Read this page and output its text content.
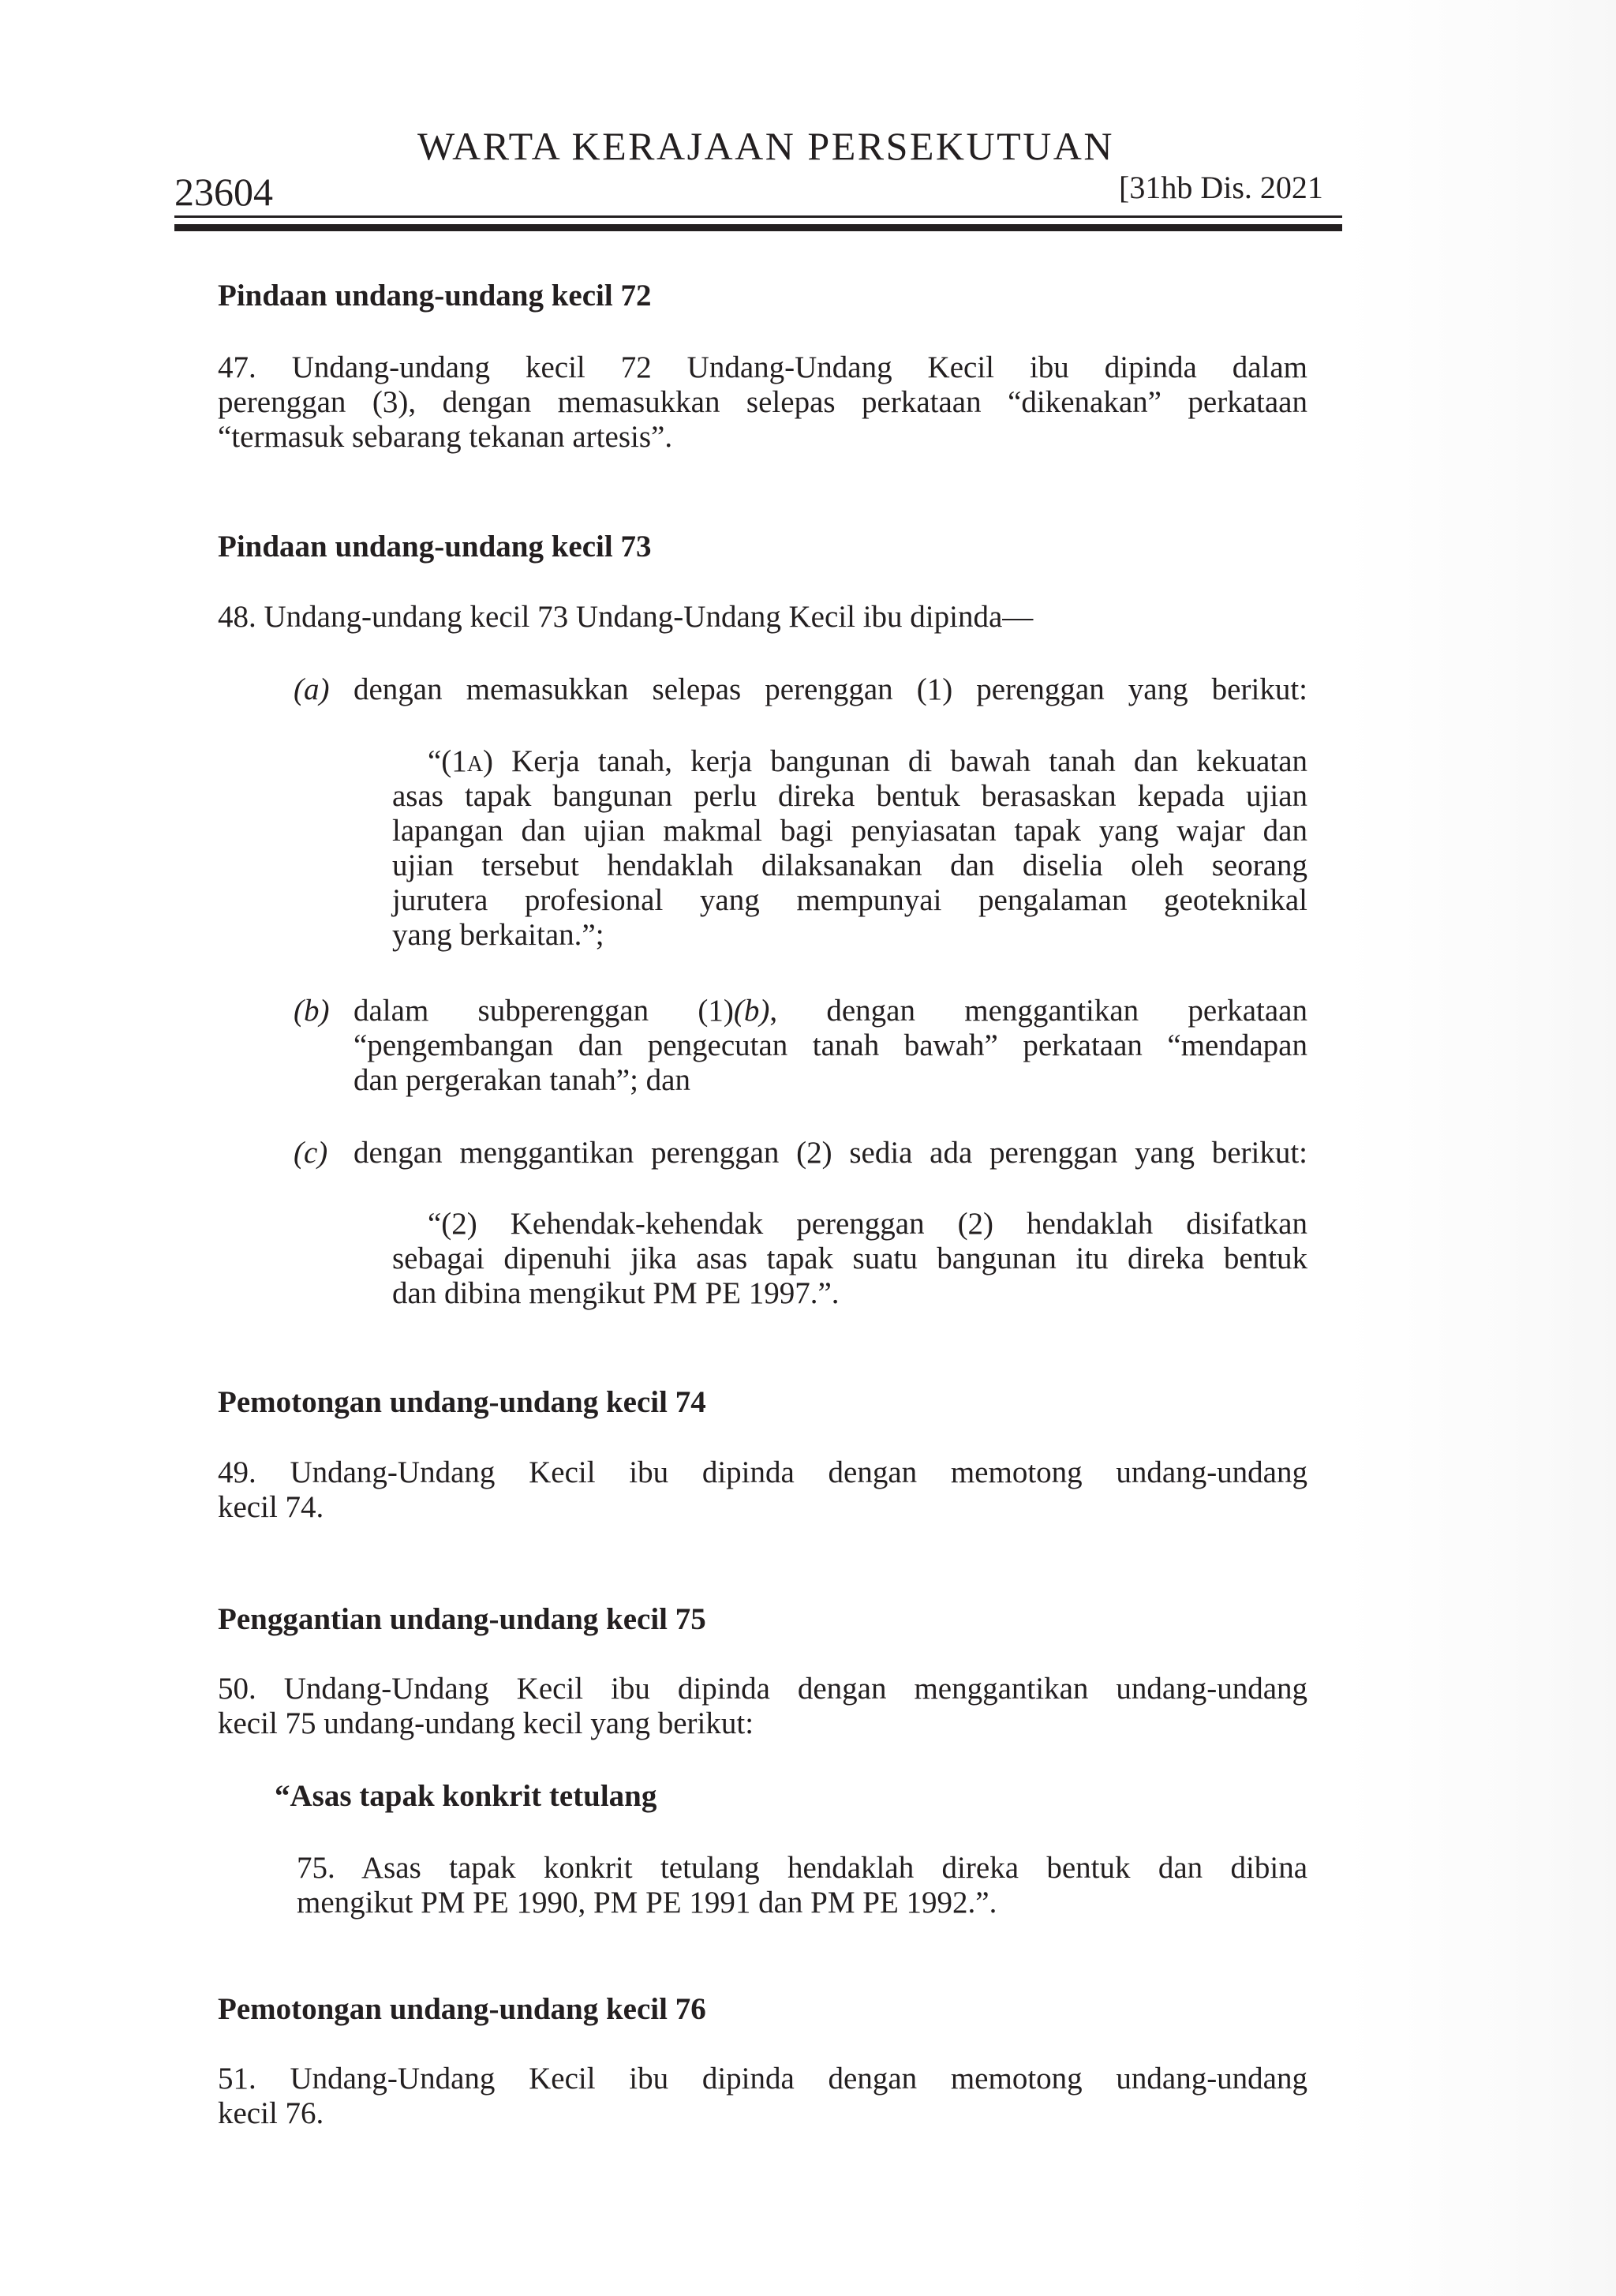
WARTA KERAJAAN PERSEKUTUAN
23604	[31hb Dis. 2021
Pindaan undang-undang kecil 72
47. Undang-undang kecil 72 Undang-Undang Kecil ibu dipinda dalam
perenggan (3), dengan memasukkan selepas perkataan “dikenakan” perkataan
“termasuk sebarang tekanan artesis”.
Pindaan undang-undang kecil 73
48. Undang-undang kecil 73 Undang-Undang Kecil ibu dipinda—
(a) dengan memasukkan selepas perenggan (1) perenggan yang berikut:
“(1A) Kerja tanah, kerja bangunan di bawah tanah dan kekuatan
asas tapak bangunan perlu direka bentuk berasaskan kepada ujian
lapangan dan ujian makmal bagi penyiasatan tapak yang wajar dan
ujian tersebut hendaklah dilaksanakan dan diselia oleh seorang
jurutera profesional yang mempunyai pengalaman geoteknikal
yang berkaitan.”;
(b) dalam subperenggan (1)(b), dengan menggantikan perkataan
“pengembangan dan pengecutan tanah bawah” perkataan “mendapan
dan pergerakan tanah”; dan
(c) dengan menggantikan perenggan (2) sedia ada perenggan yang berikut:
“(2) Kehendak-kehendak perenggan (2) hendaklah disifatkan
sebagai dipenuhi jika asas tapak suatu bangunan itu direka bentuk
dan dibina mengikut PM PE 1997.”.
Pemotongan undang-undang kecil 74
49. Undang-Undang Kecil ibu dipinda dengan memotong undang-undang
kecil 74.
Penggantian undang-undang kecil 75
50. Undang-Undang Kecil ibu dipinda dengan menggantikan undang-undang
kecil 75 undang-undang kecil yang berikut:
“Asas tapak konkrit tetulang
75. Asas tapak konkrit tetulang hendaklah direka bentuk dan dibina
mengikut PM PE 1990, PM PE 1991 dan PM PE 1992.”.
Pemotongan undang-undang kecil 76
51. Undang-Undang Kecil ibu dipinda dengan memotong undang-undang
kecil 76.
